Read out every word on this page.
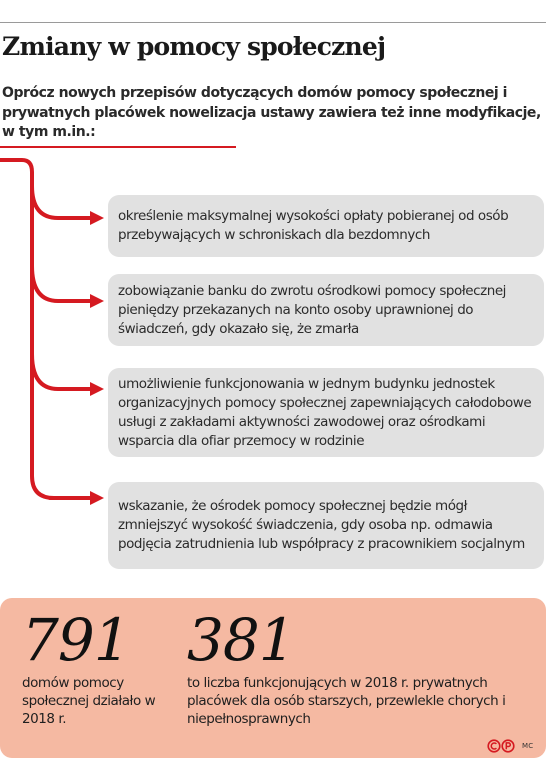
Zmiany w pomocy społecznej

Oprócz nowych przepisów dotyczących domów pomocy społecznej i prywatnych placówek nowelizacja ustawy zawiera też inne modyfikacje, w tym m.in.:

określenie maksymalnej wysokości opłaty pobieranej od osób przebywających w schroniskach dla bezdomnych
zobowiązanie banku do zwrotu ośrodkowi pomocy społecznej pieniędzy przekazanych na konto osoby uprawnionej do świadczeń, gdy okazało się, że zmarła
umożliwienie funkcjonowania w jednym budynku jednostek organizacyjnych pomocy społecznej zapewniających całodobowe usługi z zakładami aktywności zawodowej oraz ośrodkami wsparcia dla ofiar przemocy w rodzinie
wskazanie, że ośrodek pomocy społecznej będzie mógł zmniejszyć wysokość świadczenia, gdy osoba np. odmawia podjęcia zatrudnienia lub współpracy z pracownikiem socjalnym

791

domów pomocy społecznej działało w 2018 r.

381

to liczba funkcjonujących w 2018 r. prywatnych placówek dla osób starszych, przewlekle chorych i niepełnosprawnych

MC
